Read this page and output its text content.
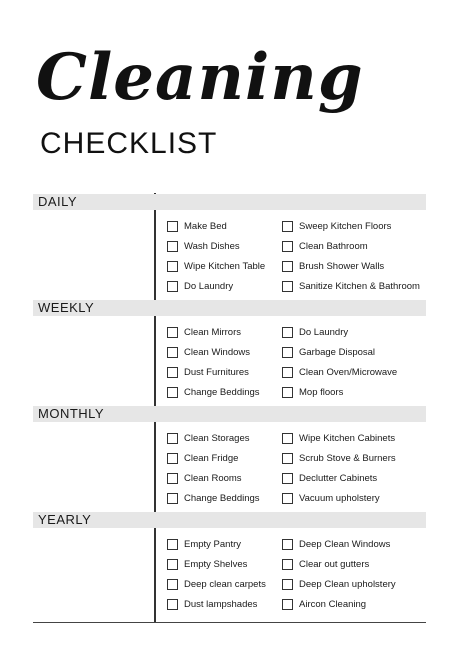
Cleaning
CHECKLIST
DAILY
Make Bed	Sweep Kitchen Floors
Wash Dishes	Clean Bathroom
Wipe Kitchen Table	Brush Shower Walls
Do Laundry	Sanitize Kitchen & Bathroom
WEEKLY
Clean Mirrors	Do Laundry
Clean Windows	Garbage Disposal
Dust Furnitures	Clean Oven/Microwave
Change Beddings	Mop floors
MONTHLY
Clean Storages	Wipe Kitchen Cabinets
Clean Fridge	Scrub Stove & Burners
Clean Rooms	Declutter Cabinets
Change Beddings	Vacuum upholstery
YEARLY
Empty Pantry	Deep Clean Windows
Empty Shelves	Clear out gutters
Deep clean carpets	Deep Clean upholstery
Dust lampshades	Aircon Cleaning
